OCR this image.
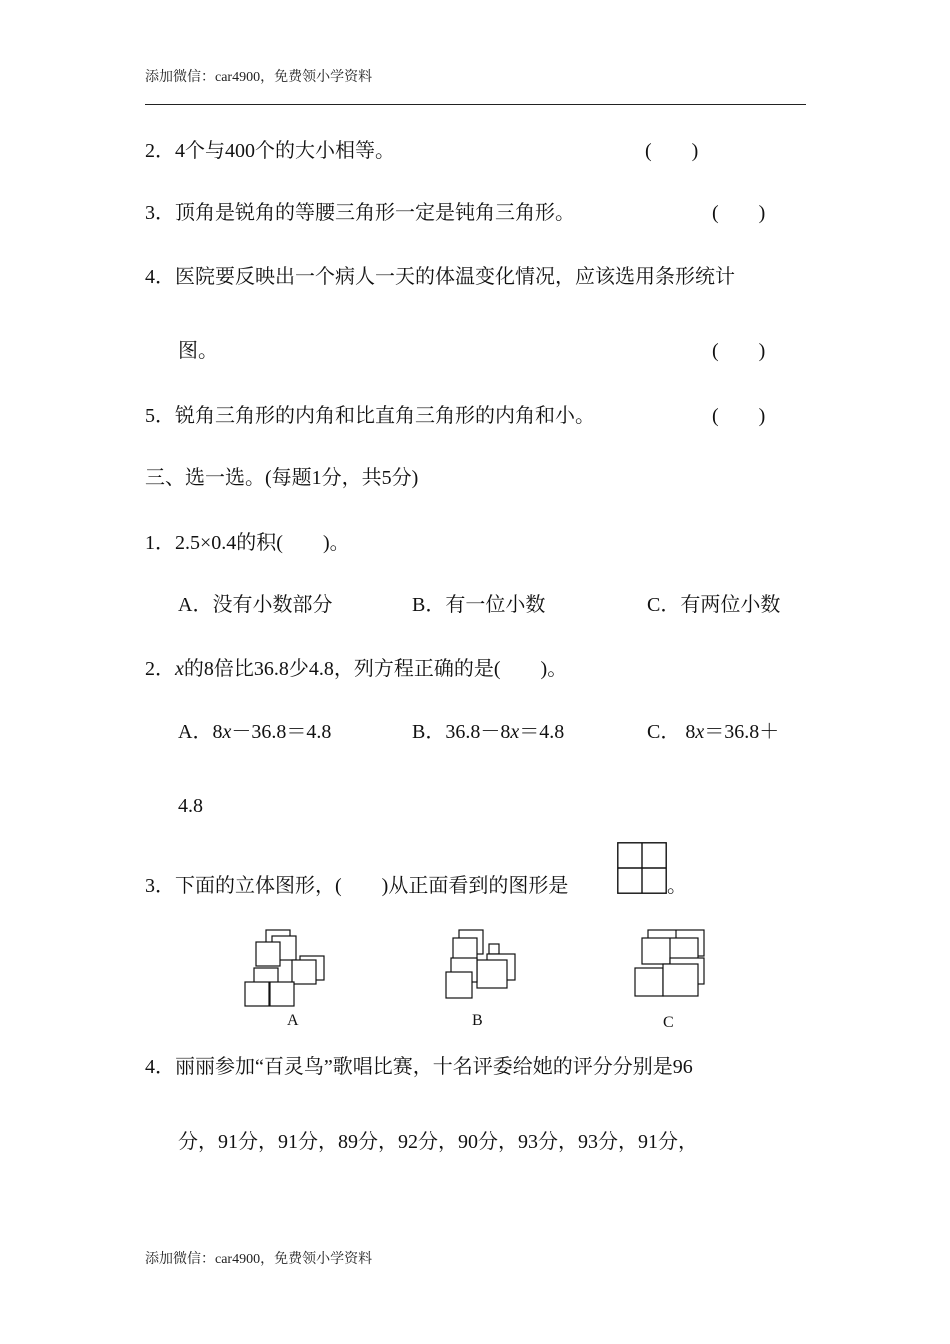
添加微信：car4900，免费领小学资料
2．4个与400个的大小相等。	(　　)
3．顶角是锐角的等腰三角形一定是钝角三角形。	(　　)
4．医院要反映出一个病人一天的体温变化情况，应该选用条形统计
图。	(　　)
5．锐角三角形的内角和比直角三角形的内角和小。	(　　)
三、选一选。(每题1分，共5分)
1．2.5×0.4的积(　　)。
A．没有小数部分	B．有一位小数	C．有两位小数
2．x的8倍比36.8少4.8，列方程正确的是(　　)。
A．8x－36.8＝4.8	B．36.8－8x＝4.8	C． 8x＝36.8＋
4.8
3．下面的立体图形，(　　)从正面看到的图形是	。
A	B	C
4．丽丽参加“百灵鸟”歌唱比赛，十名评委给她的评分分别是96
分，91分，91分，89分，92分，90分，93分，93分，91分，
添加微信：car4900，免费领小学资料
